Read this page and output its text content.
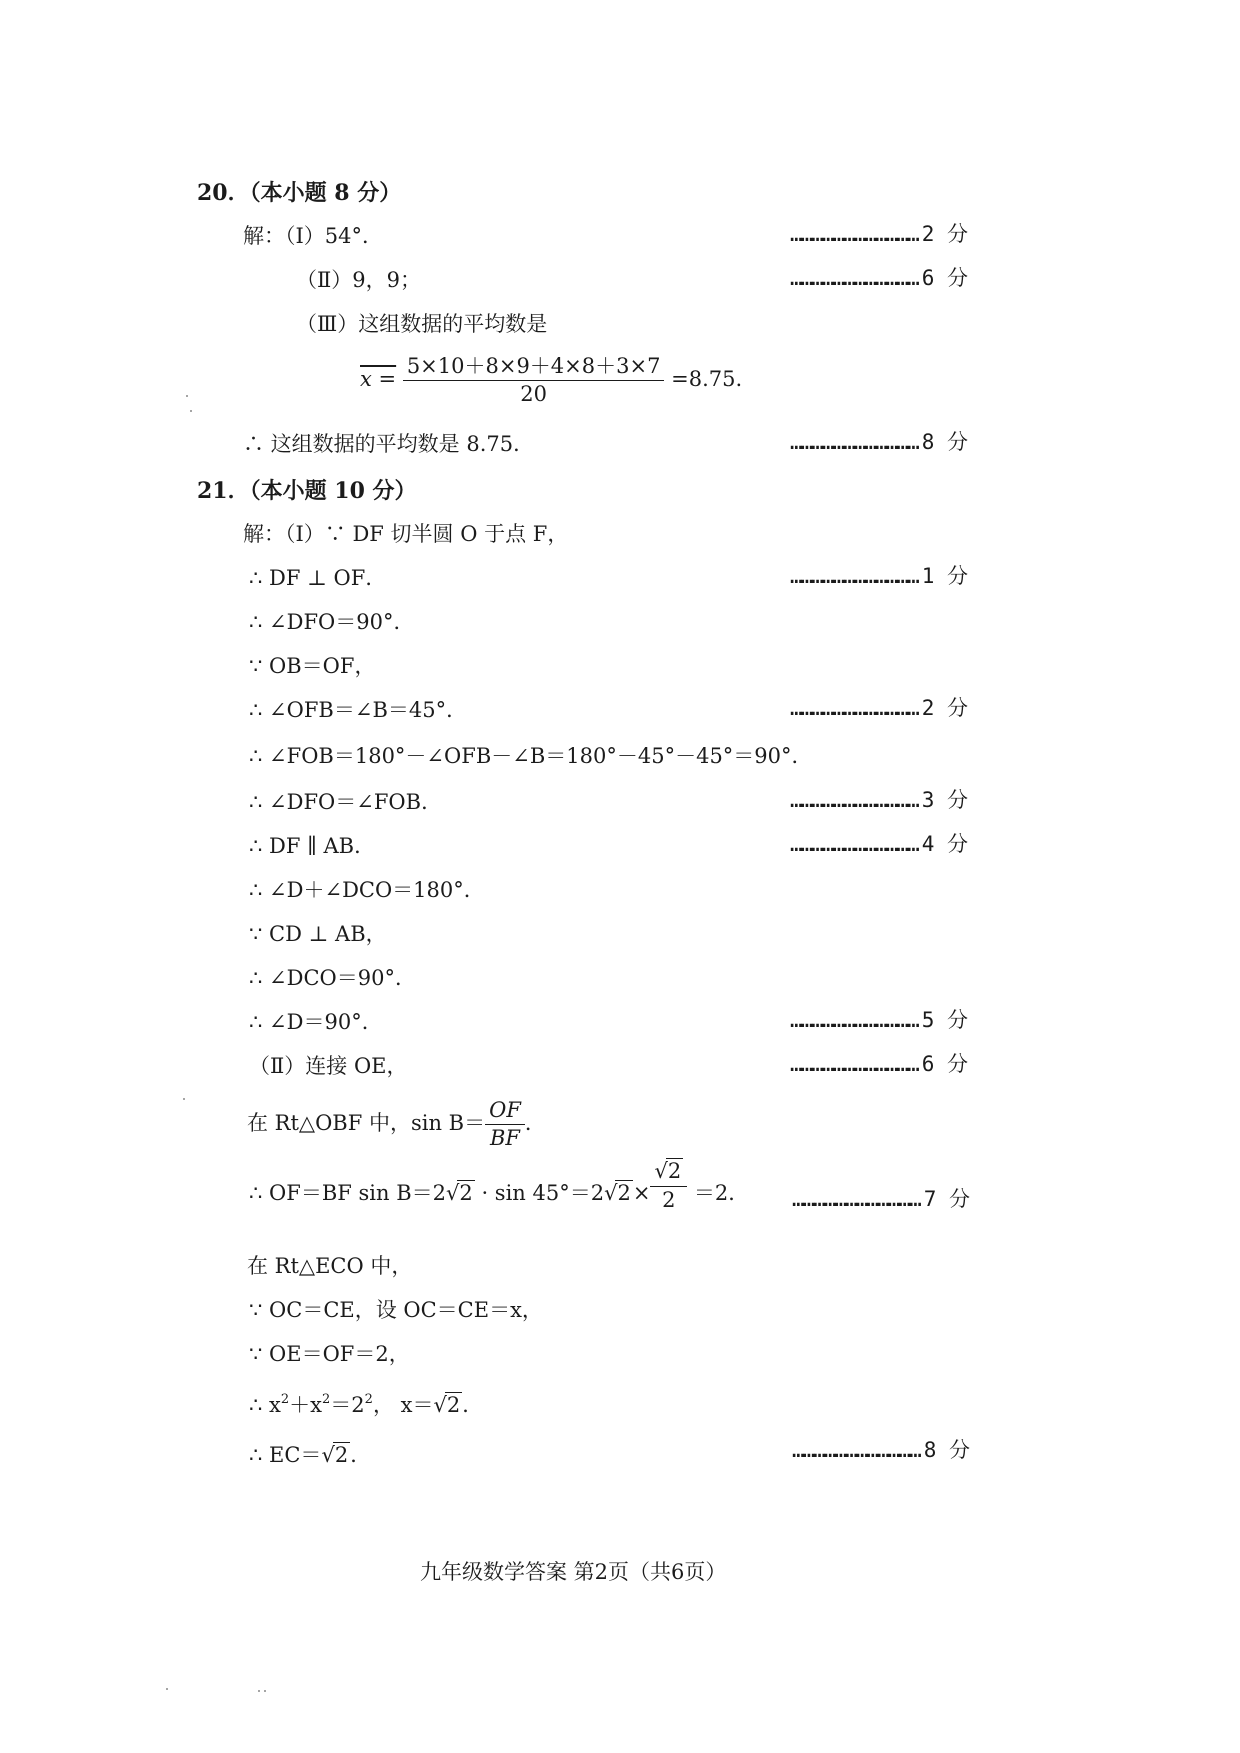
20．（本小题 8 分）
解：（Ⅰ）54°．	……………………………… 2 分
（Ⅱ）9，9；	……………………………… 6 分
（Ⅲ）这组数据的平均数是
$x = \frac{5\times 10+8\times 9+4\times 8+3\times 7}{20} =8.75$.
∴ 这组数据的平均数是 8.75．	……………………………… 8 分
21．（本小题 10 分）
解：（Ⅰ）∵ DF 切半圆 O 于点 F，
∴ DF ⊥ OF．	……………………………… 1 分
∴ ∠DFO＝90°．
∵ OB＝OF，
∴ ∠OFB＝∠B＝45°．	……………………………… 2 分
∴ ∠FOB＝180°－∠OFB－∠B＝180°－45°－45°＝90°．
∴ ∠DFO＝∠FOB．	……………………………… 3 分
∴ DF ∥ AB．	……………………………… 4 分
∴ ∠D＋∠DCO＝180°．
∵ CD ⊥ AB，
∴ ∠DCO＝90°．
∴ ∠D＝90°．	……………………………… 5 分
（Ⅱ）连接 OE，	……………………………… 6 分
在 Rt△OBF 中，$\sin B= \frac{OF}{BF}$ ．
∴ OF＝BF $\sin B=2√2 \cdot \sin 45^\circ=2√2\times \frac{√2}{2} =2$． ……………………………… 7 分
在 Rt△ECO 中，
∵ OC＝CE，设 OC＝CE＝x，
∵ OE＝OF＝2，
∴ $x^2+x^2=2^2$， x＝√2．
∴ EC＝√2．	……………………………… 8 分
九年级数学答案 第2页（共6页）
